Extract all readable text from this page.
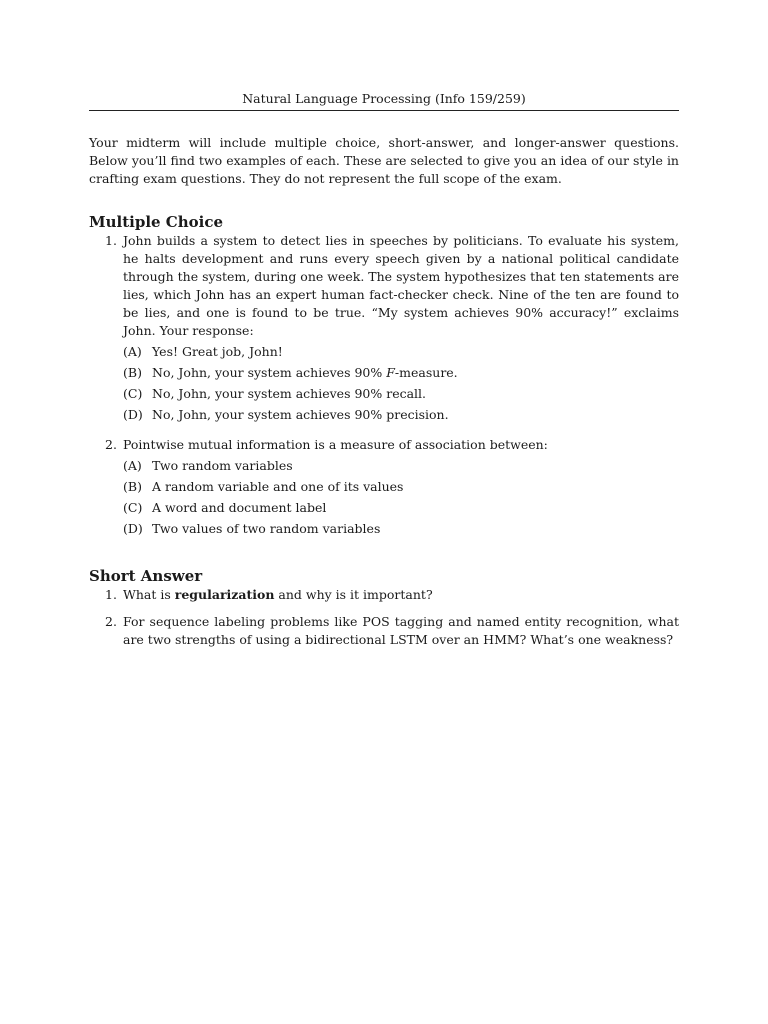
Natural Language Processing (Info 159/259)

Your midterm will include multiple choice, short-answer, and longer-answer questions. Below you’ll find two examples of each. These are selected to give you an idea of our style in crafting exam questions. They do not represent the full scope of the exam.

Multiple Choice
1. John builds a system to detect lies in speeches by politicians. To evaluate his system, he halts development and runs every speech given by a national political candidate through the system, during one week. The system hypothesizes that ten statements are lies, which John has an expert human fact-checker check. Nine of the ten are found to be lies, and one is found to be true. “My system achieves 90% accuracy!” exclaims John. Your response:
(A) Yes! Great job, John!
(B) No, John, your system achieves 90% F-measure.
(C) No, John, your system achieves 90% recall.
(D) No, John, your system achieves 90% precision.
2. Pointwise mutual information is a measure of association between:
(A) Two random variables
(B) A random variable and one of its values
(C) A word and document label
(D) Two values of two random variables
Short Answer
1. What is regularization and why is it important?
2. For sequence labeling problems like POS tagging and named entity recognition, what are two strengths of using a bidirectional LSTM over an HMM? What’s one weakness?
